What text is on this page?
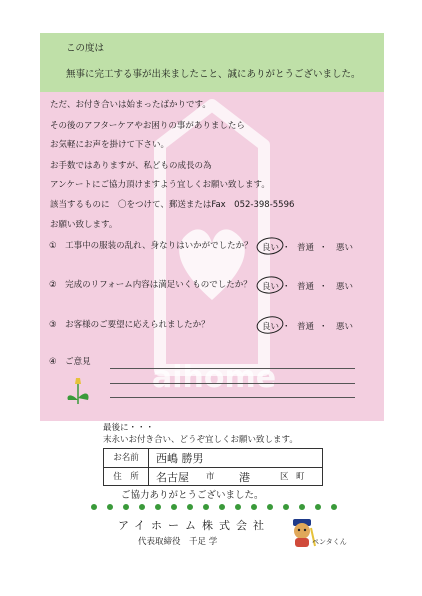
aihome
この度は
無事に完工する事が出来ましたこと、誠にありがとうございました。
ただ、お付き合いは始まったばかりです。
その後のアフターケアやお困りの事がありましたら
お気軽にお声を掛けて下さい。
お手数ではありますが、私どもの成長の為
アンケートにご協力頂けますよう宜しくお願い致します。
該当するものに　〇をつけて、郵送またはFax　052-398-5596
お願い致します。
①　工事中の服装の乱れ、身なりはいかがでしたか？ 良い ・ 普通 ・ 悪い
②　完成のリフォーム内容は満足いくものでしたか？ 良い ・ 普通 ・ 悪い
③　お客様のご要望に応えられましたか？	良い ・ 普通 ・ 悪い
④　ご意見
最後に・・・
末永いお付き合い、どうぞ宜しくお願い致します。
お名前	西嶋 勝男
住　所	名古屋 市 港	区 町
ご協力ありがとうございました。
アイホーム株式会社
代表取締役　千足 学	ペンタくん
